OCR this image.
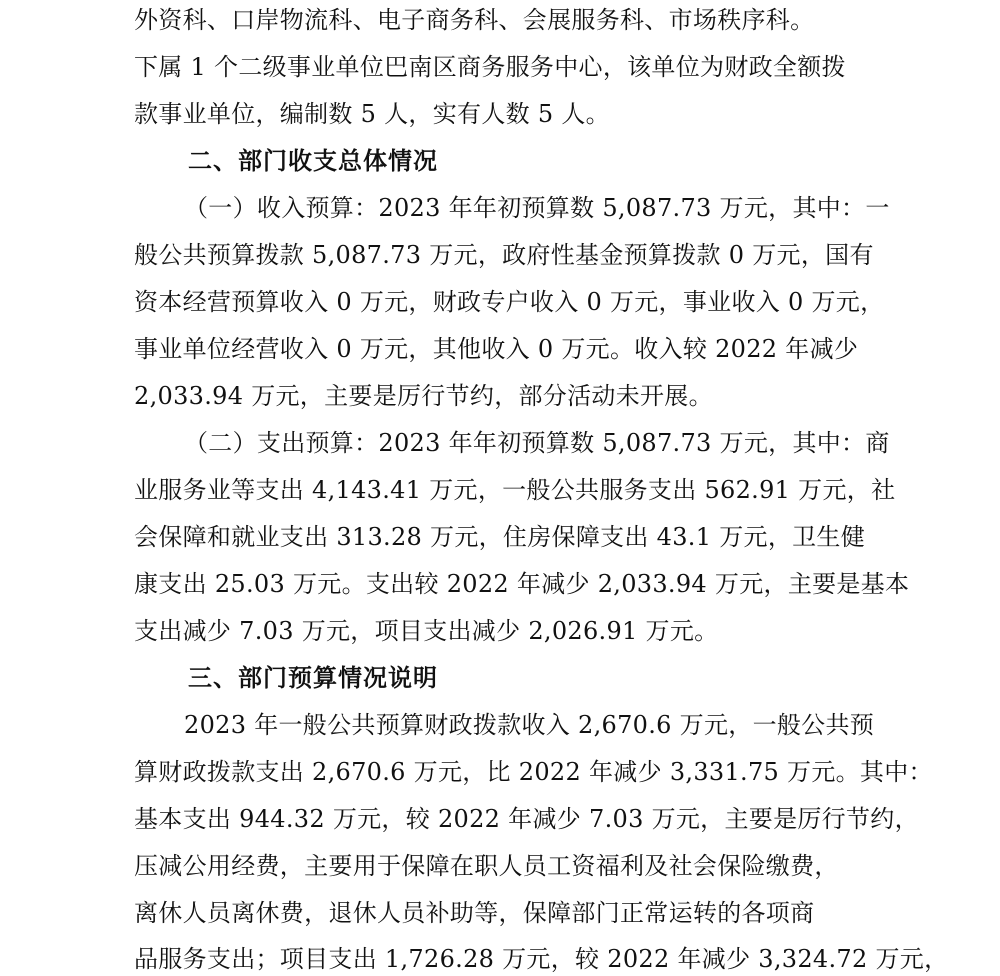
外资科、口岸物流科、电子商务科、会展服务科、市场秩序科。
下属 1 个二级事业单位巴南区商务服务中心，该单位为财政全额拨
款事业单位，编制数 5 人，实有人数 5 人。
二、部门收支总体情况
（一）收入预算：2023 年年初预算数 5,087.73 万元，其中：一
般公共预算拨款 5,087.73 万元，政府性基金预算拨款 0 万元，国有
资本经营预算收入 0 万元，财政专户收入 0 万元，事业收入 0 万元，
事业单位经营收入 0 万元，其他收入 0 万元。收入较 2022 年减少
2,033.94 万元，主要是厉行节约，部分活动未开展。
（二）支出预算：2023 年年初预算数 5,087.73 万元，其中：商
业服务业等支出 4,143.41 万元，一般公共服务支出 562.91 万元，社
会保障和就业支出 313.28 万元，住房保障支出 43.1 万元，卫生健
康支出 25.03 万元。支出较 2022 年减少 2,033.94 万元，主要是基本
支出减少 7.03 万元，项目支出减少 2,026.91 万元。
三、部门预算情况说明
2023 年一般公共预算财政拨款收入 2,670.6 万元，一般公共预
算财政拨款支出 2,670.6 万元，比 2022 年减少 3,331.75 万元。其中：
基本支出 944.32 万元，较 2022 年减少 7.03 万元，主要是厉行节约，
压减公用经费，主要用于保障在职人员工资福利及社会保险缴费，
离休人员离休费，退休人员补助等，保障部门正常运转的各项商
品服务支出；项目支出 1,726.28 万元，较 2022 年减少 3,324.72 万元，
